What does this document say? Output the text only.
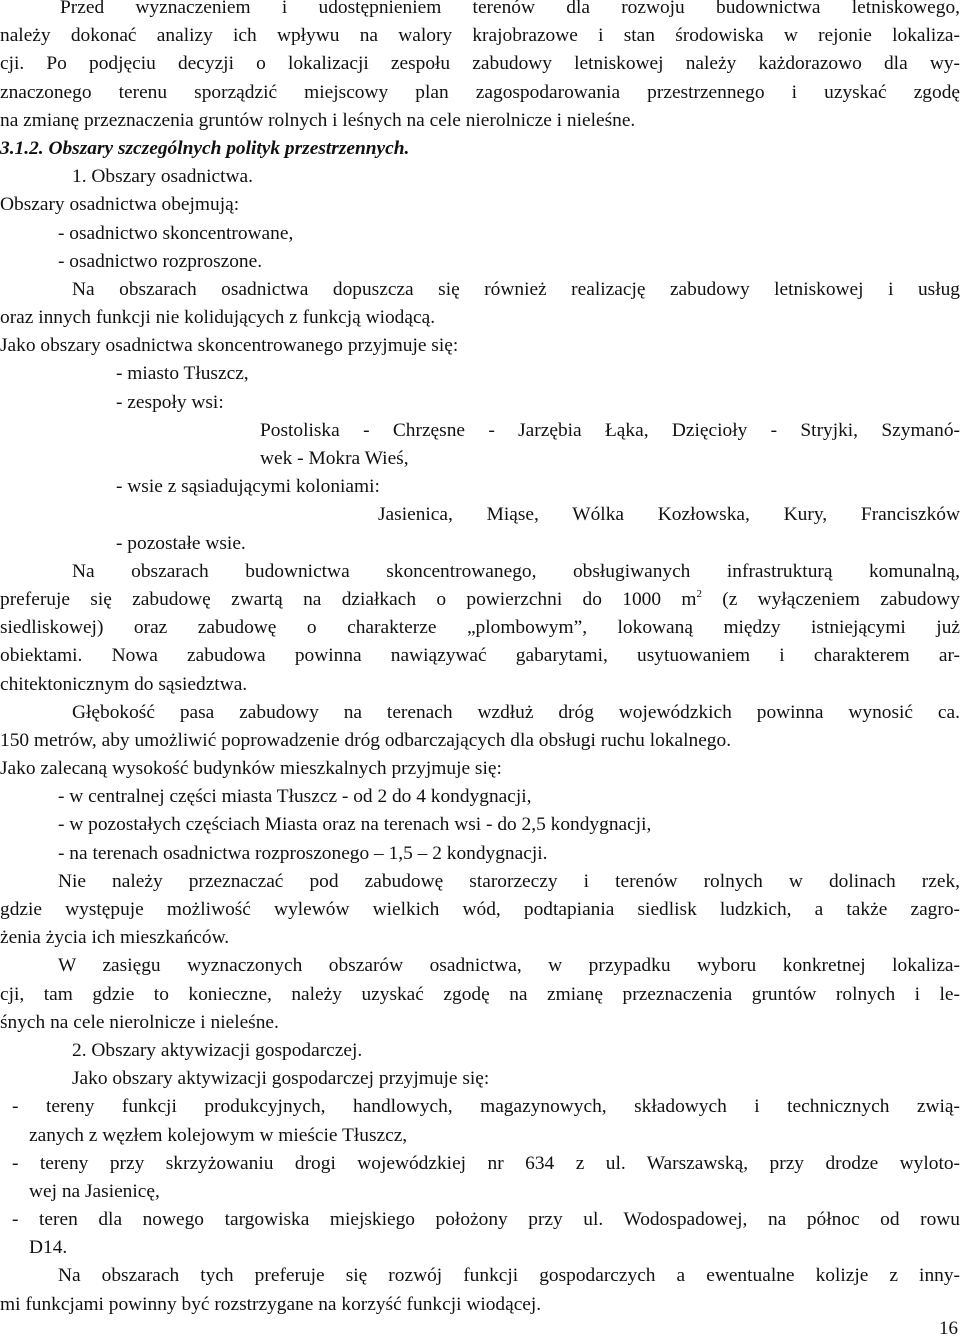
Przed wyznaczeniem i udostępnieniem terenów dla rozwoju budownictwa letniskowego,
należy dokonać analizy ich wpływu na walory krajobrazowe i stan środowiska w rejonie lokaliza-
cji. Po podjęciu decyzji o lokalizacji zespołu zabudowy letniskowej należy każdorazowo dla wy-
znaczonego terenu sporządzić miejscowy plan zagospodarowania przestrzennego i uzyskać zgodę
na zmianę przeznaczenia gruntów rolnych i leśnych na cele nierolnicze i nieleśne.
3.1.2. Obszary szczególnych polityk przestrzennych.
1. Obszary osadnictwa.
Obszary osadnictwa obejmują:
- osadnictwo skoncentrowane,
- osadnictwo rozproszone.
Na obszarach osadnictwa dopuszcza się również realizację zabudowy letniskowej i usług
oraz innych funkcji nie kolidujących z funkcją wiodącą.
Jako obszary osadnictwa skoncentrowanego przyjmuje się:
- miasto Tłuszcz,
- zespoły wsi:
Postoliska - Chrzęsne - Jarzębia Łąka, Dzięcioły - Stryjki, Szymanó-
wek - Mokra Wieś,
- wsie z sąsiadującymi koloniami:
Jasienica, Miąse, Wólka Kozłowska, Kury, Franciszków
- pozostałe wsie.
Na obszarach budownictwa skoncentrowanego, obsługiwanych infrastrukturą komunalną,
preferuje się zabudowę zwartą na działkach o powierzchni do 1000 $m^2$ (z wyłączeniem zabudowy
siedliskowej) oraz zabudowę o charakterze „plombowym”, lokowaną między istniejącymi już
obiektami. Nowa zabudowa powinna nawiązywać gabarytami, usytuowaniem i charakterem ar-
chitektonicznym do sąsiedztwa.
Głębokość pasa zabudowy na terenach wzdłuż dróg wojewódzkich powinna wynosić ca.
150 metrów, aby umożliwić poprowadzenie dróg odbarczających dla obsługi ruchu lokalnego.
Jako zalecaną wysokość budynków mieszkalnych przyjmuje się:
- w centralnej części miasta Tłuszcz - od 2 do 4 kondygnacji,
- w pozostałych częściach Miasta oraz na terenach wsi - do 2,5 kondygnacji,
- na terenach osadnictwa rozproszonego – 1,5 – 2 kondygnacji.
Nie należy przeznaczać pod zabudowę starorzeczy i terenów rolnych w dolinach rzek,
gdzie występuje możliwość wylewów wielkich wód, podtapiania siedlisk ludzkich, a także zagro-
żenia życia ich mieszkańców.
W zasięgu wyznaczonych obszarów osadnictwa, w przypadku wyboru konkretnej lokaliza-
cji, tam gdzie to konieczne, należy uzyskać zgodę na zmianę przeznaczenia gruntów rolnych i le-
śnych na cele nierolnicze i nieleśne.
2. Obszary aktywizacji gospodarczej.
Jako obszary aktywizacji gospodarczej przyjmuje się:
- tereny funkcji produkcyjnych, handlowych, magazynowych, składowych i technicznych zwią-
zanych z węzłem kolejowym w mieście Tłuszcz,
- tereny przy skrzyżowaniu drogi wojewódzkiej nr 634 z ul. Warszawską, przy drodze wyloto-
wej na Jasienicę,
- teren dla nowego targowiska miejskiego położony przy ul. Wodospadowej, na północ od rowu
D14.
Na obszarach tych preferuje się rozwój funkcji gospodarczych a ewentualne kolizje z inny-
mi funkcjami powinny być rozstrzygane na korzyść funkcji wiodącej.
16
